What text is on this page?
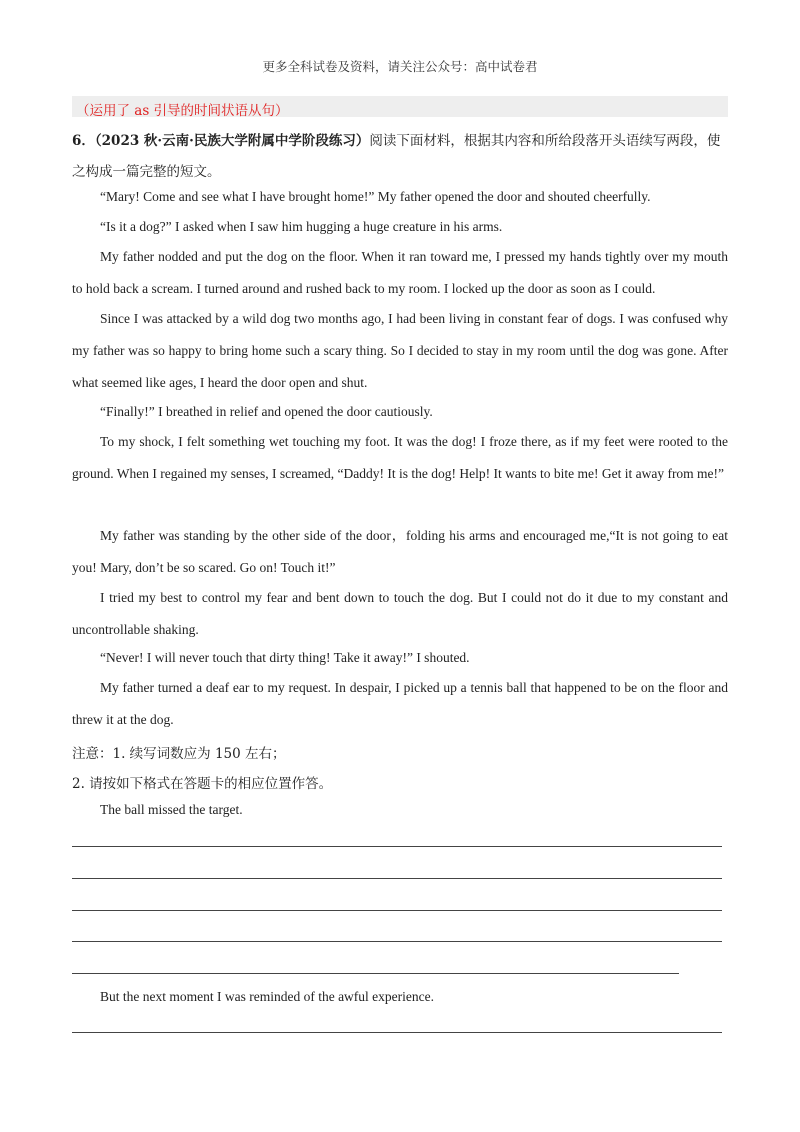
更多全科试卷及资料，请关注公众号：高中试卷君
（运用了 as 引导的时间状语从句）
6．（2023 秋·云南·民族大学附属中学阶段练习）阅读下面材料，根据其内容和所给段落开头语续写两段，使之构成一篇完整的短文。
“Mary! Come and see what I have brought home!” My father opened the door and shouted cheerfully.
“Is it a dog?” I asked when I saw him hugging a huge creature in his arms.
My father nodded and put the dog on the floor. When it ran toward me, I pressed my hands tightly over my mouth to hold back a scream. I turned around and rushed back to my room. I locked up the door as soon as I could.
Since I was attacked by a wild dog two months ago, I had been living in constant fear of dogs. I was confused why my father was so happy to bring home such a scary thing. So I decided to stay in my room until the dog was gone. After what seemed like ages, I heard the door open and shut.
“Finally!” I breathed in relief and opened the door cautiously.
To my shock, I felt something wet touching my foot. It was the dog! I froze there, as if my feet were rooted to the ground. When I regained my senses, I screamed, “Daddy! It is the dog! Help! It wants to bite me! Get it away from me!”
My father was standing by the other side of the door，folding his arms and encouraged me,“It is not going to eat you! Mary, don’t be so scared. Go on! Touch it!”
I tried my best to control my fear and bent down to touch the dog. But I could not do it due to my constant and uncontrollable shaking.
“Never! I will never touch that dirty thing! Take it away!” I shouted.
My father turned a deaf ear to my request. In despair, I picked up a tennis ball that happened to be on the floor and threw it at the dog.
注意：1. 续写词数应为 150 左右；
2. 请按如下格式在答题卡的相应位置作答。
The ball missed the target.
But the next moment I was reminded of the awful experience.
